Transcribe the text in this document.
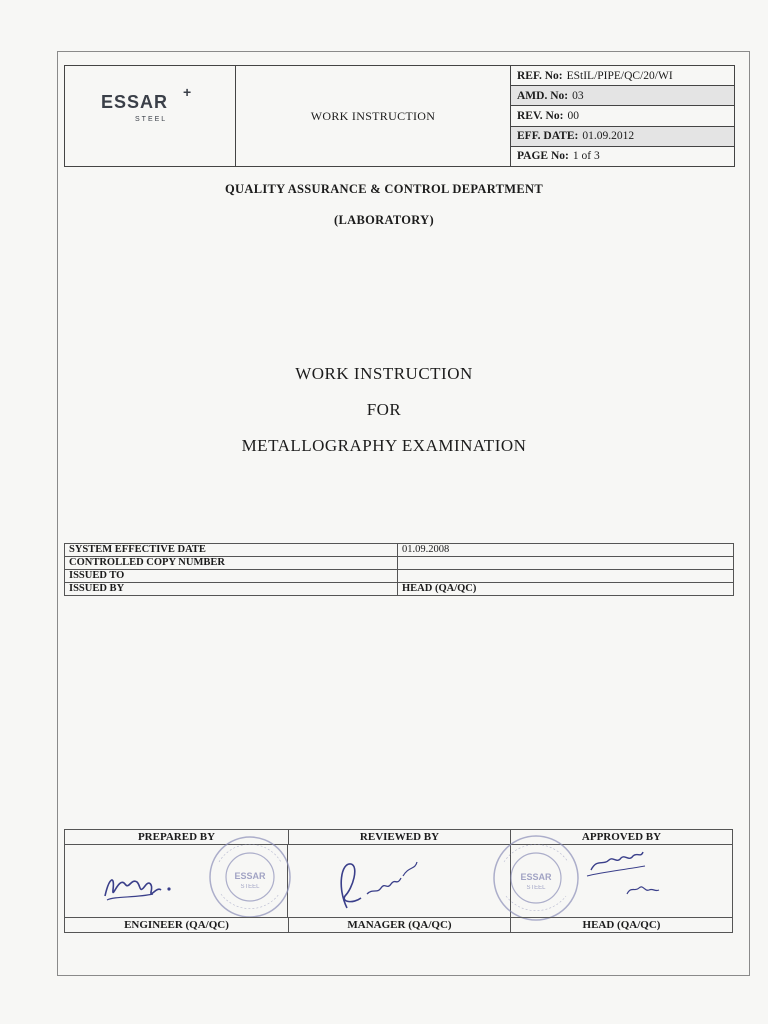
ESSAR +
STEEL	WORK INSTRUCTION
REF. No: EStIL/PIPE/QC/20/WI
AMD. No: 03
REV. No: 00
EFF. DATE: 01.09.2012
PAGE No: 1 of 3
QUALITY ASSURANCE & CONTROL DEPARTMENT
(LABORATORY)
WORK INSTRUCTION
FOR
METALLOGRAPHY EXAMINATION
SYSTEM EFFECTIVE DATE	01.09.2008
CONTROLLED COPY NUMBER	
ISSUED TO	
ISSUED BY	HEAD (QA/QC)
PREPARED BY	REVIEWED BY	APPROVED BY
ESSAR
STEEL
ESSAR
STEEL
ENGINEER (QA/QC)	MANAGER (QA/QC)	HEAD (QA/QC)
